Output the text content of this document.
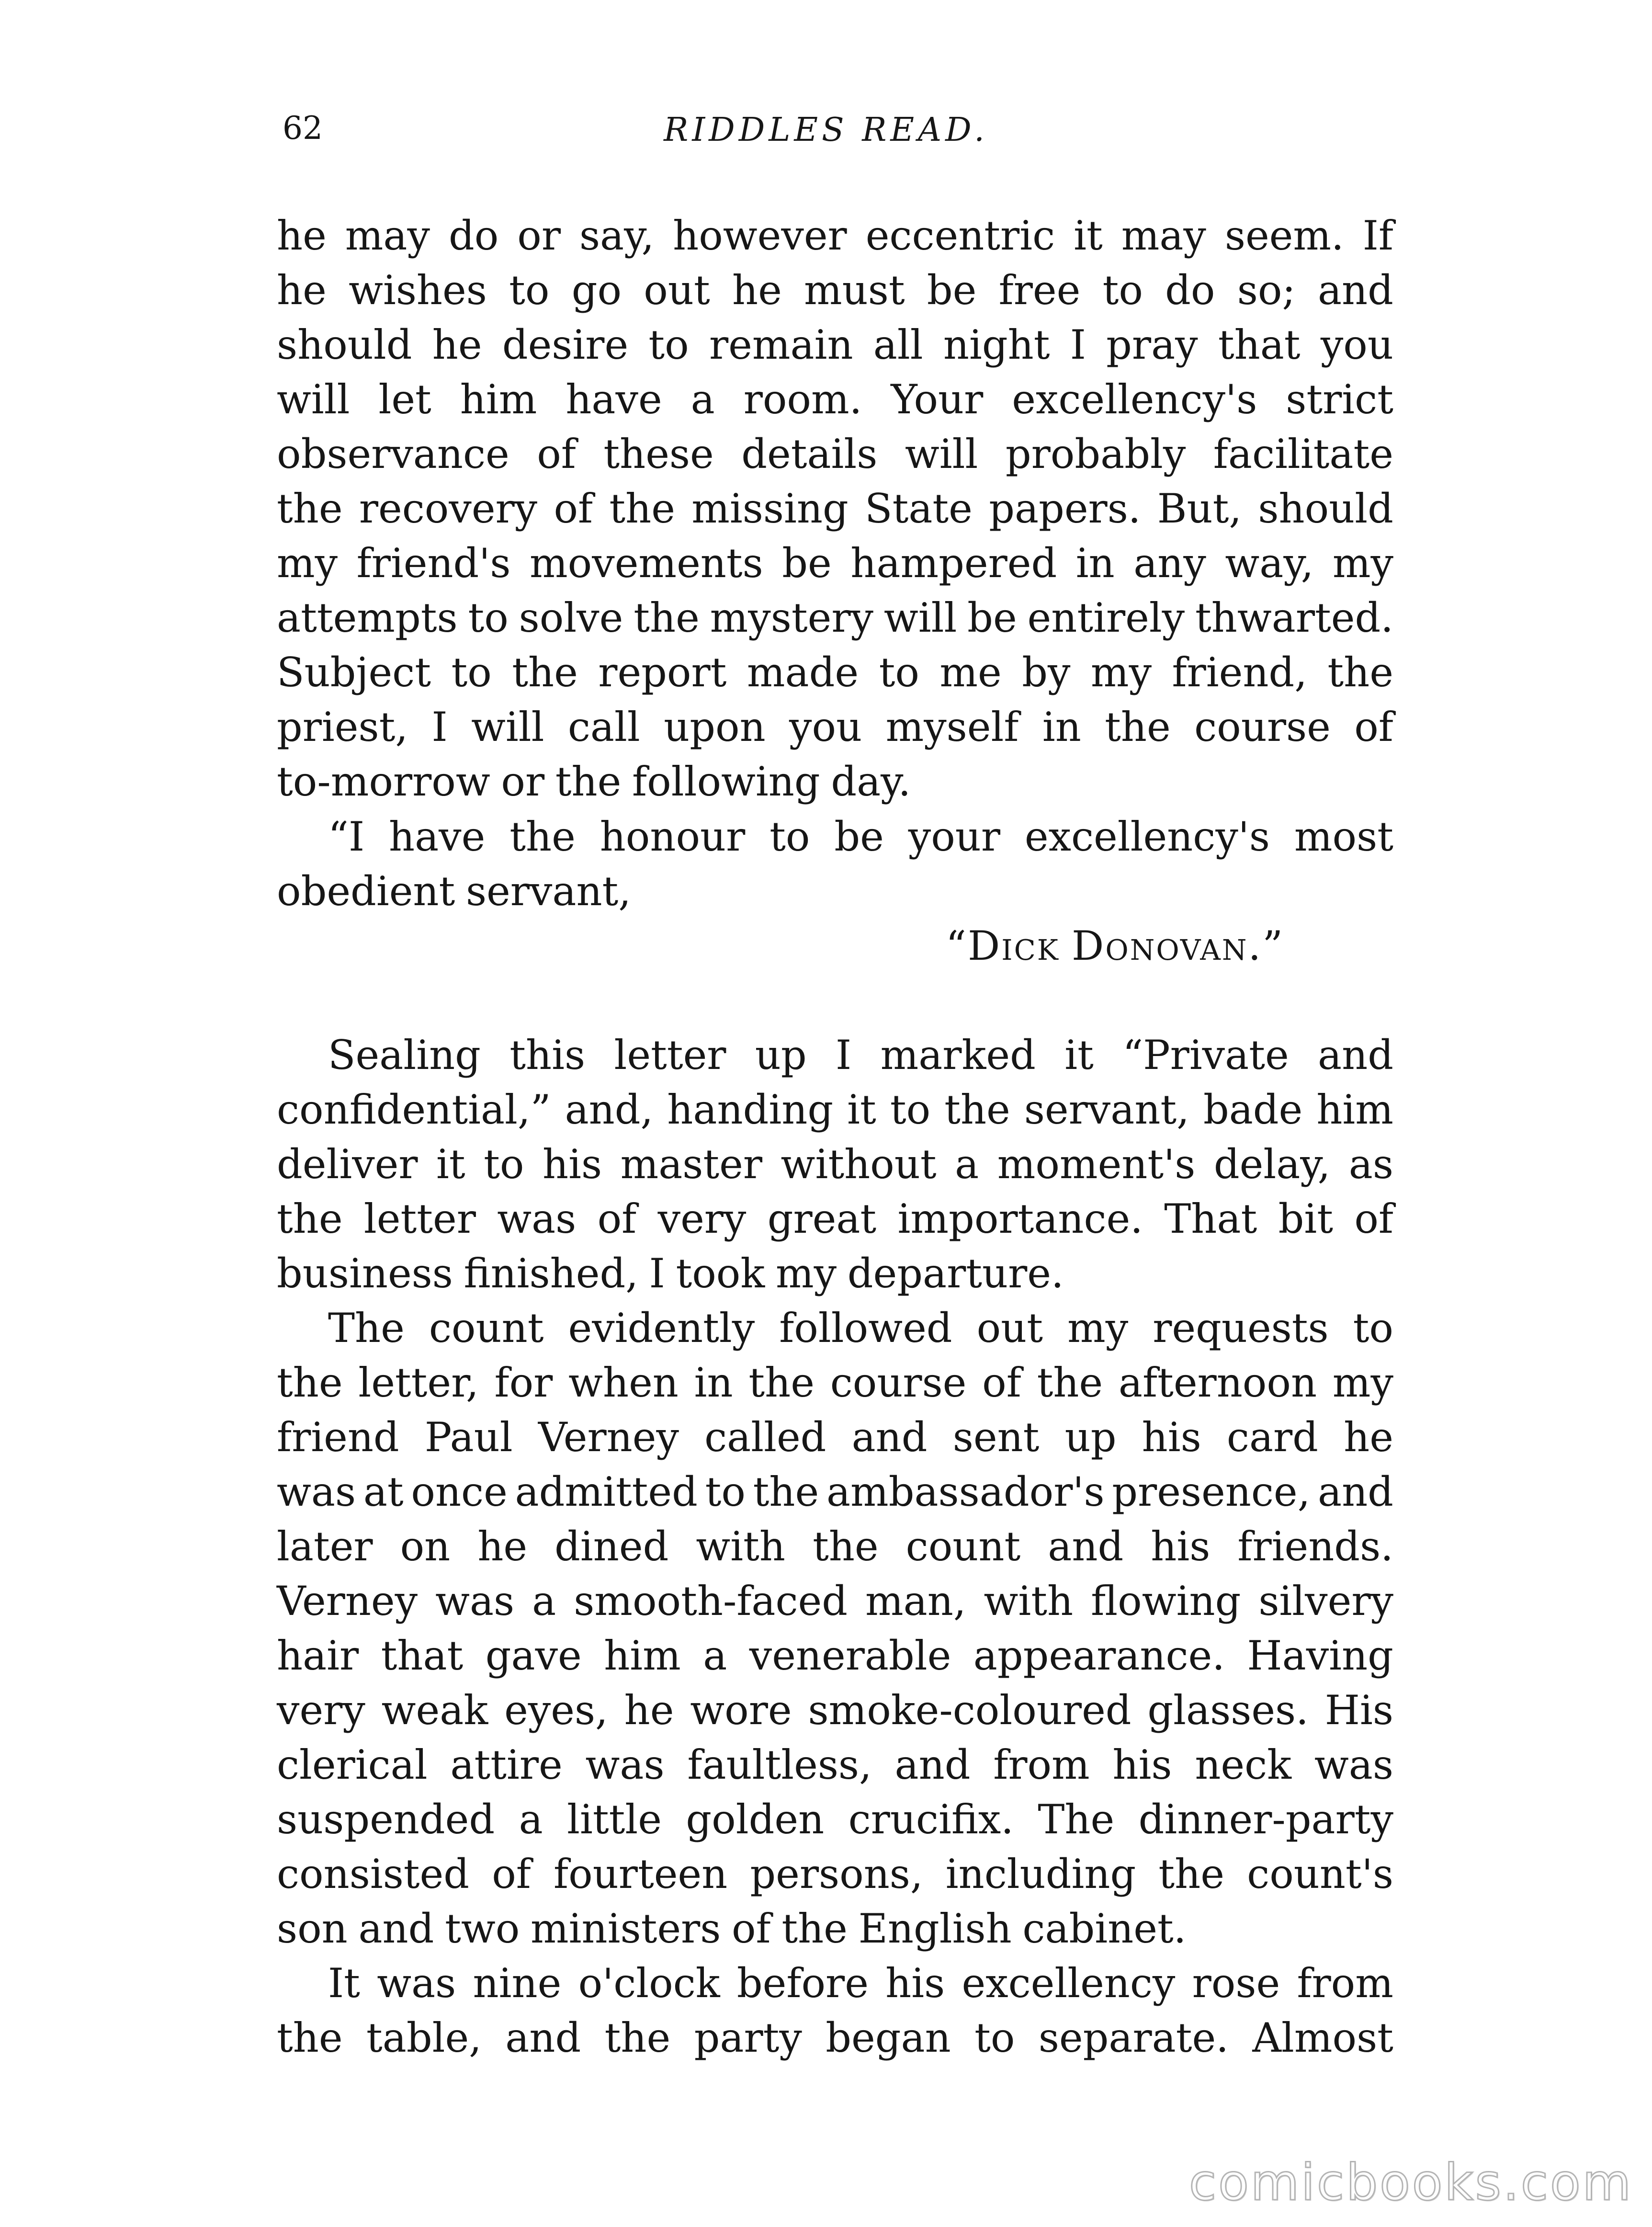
62	RIDDLES READ.
he may do or say, however eccentric it may seem. If
he wishes to go out he must be free to do so; and
should he desire to remain all night I pray that you
will let him have a room. Your excellency's strict
observance of these details will probably facilitate
the recovery of the missing State papers. But, should
my friend's movements be hampered in any way, my
attempts to solve the mystery will be entirely thwarted.
Subject to the report made to me by my friend, the
priest, I will call upon you myself in the course of
to-morrow or the following day.
“I have the honour to be your excellency's most
obedient servant,
“Dick Donovan.”
Sealing this letter up I marked it “Private and
confidential,” and, handing it to the servant, bade him
deliver it to his master without a moment's delay, as
the letter was of very great importance. That bit of
business finished, I took my departure.
The count evidently followed out my requests to
the letter, for when in the course of the afternoon my
friend Paul Verney called and sent up his card he
was at once admitted to the ambassador's presence, and
later on he dined with the count and his friends.
Verney was a smooth-faced man, with flowing silvery
hair that gave him a venerable appearance. Having
very weak eyes, he wore smoke-coloured glasses. His
clerical attire was faultless, and from his neck was
suspended a little golden crucifix. The dinner-party
consisted of fourteen persons, including the count's
son and two ministers of the English cabinet.
It was nine o'clock before his excellency rose from
the table, and the party began to separate. Almost
comicbooks.com
